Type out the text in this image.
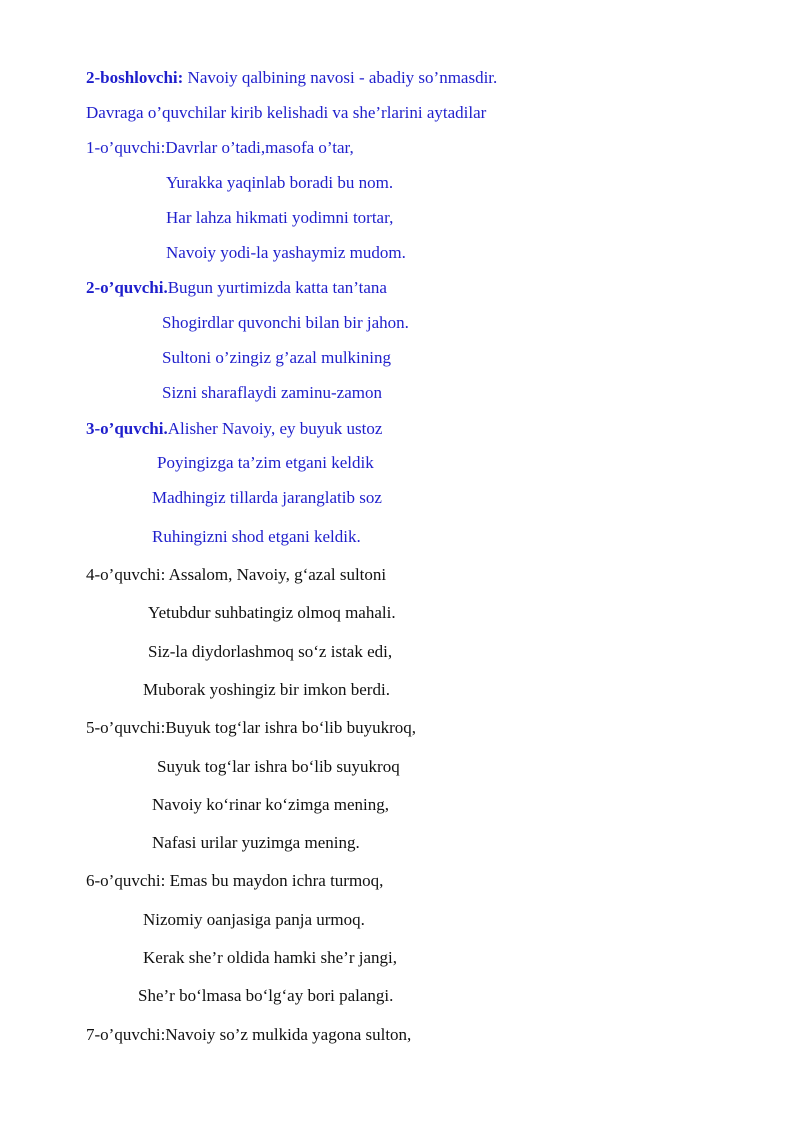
2-boshlovchi: Navoiy qalbining navosi - abadiy so’nmasdir.
Davraga o’quvchilar kirib kelishadi va she’rlarini aytadilar
1-o’quvchi:Davrlar o’tadi,masofa o’tar,
Yurakka yaqinlab boradi bu nom.
Har lahza hikmati yodimni tortar,
Navoiy yodi-la yashaymiz mudom.
2-o’quvchi.Bugun yurtimizda katta tan’tana
Shogirdlar quvonchi bilan bir jahon.
Sultoni o’zingiz g’azal mulkining
Sizni sharaflaydi zaminu-zamon
3-o’quvchi.Alisher Navoiy, ey buyuk ustoz
Poyingizga ta’zim etgani keldik
Madhingiz tillarda jaranglatib soz
Ruhingizni shod etgani keldik.
4-o’quvchi: Assalom, Navoiy, g‘azal sultoni
Yetubdur suhbatingiz olmoq mahali.
Siz-la diydorlashmoq so‘z istak edi,
Muborak yoshingiz bir imkon berdi.
5-o’quvchi:Buyuk tog‘lar ishra bo‘lib buyukroq,
Suyuk tog‘lar ishra bo‘lib suyukroq
Navoiy ko‘rinar ko‘zimga mening,
Nafasi urilar yuzimga mening.
6-o’quvchi: Emas bu maydon ichra turmoq,
Nizomiy oanjasiga panja urmoq.
Kerak she’r oldida hamki she’r jangi,
She’r bo‘lmasa bo‘lg‘ay bori palangi.
7-o’quvchi:Navoiy so’z mulkida yagona sulton,
